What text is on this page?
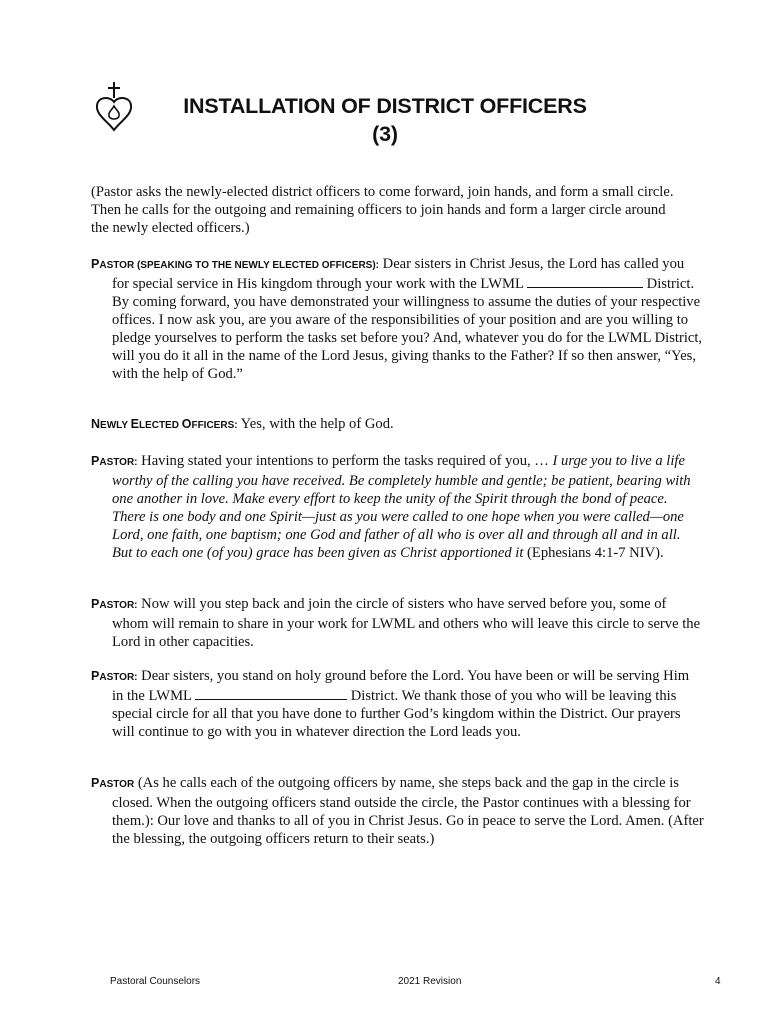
INSTALLATION OF DISTRICT OFFICERS
(3)
(Pastor asks the newly-elected district officers to come forward, join hands, and form a small circle. Then he calls for the outgoing and remaining officers to join hands and form a larger circle around the newly elected officers.)
PASTOR (SPEAKING TO THE NEWLY ELECTED OFFICERS): Dear sisters in Christ Jesus, the Lord has called you for special service in His kingdom through your work with the LWML	District. By coming forward, you have demonstrated your willingness to assume the duties of your respective offices. I now ask you, are you aware of the responsibilities of your position and are you willing to pledge yourselves to perform the tasks set before you? And, whatever you do for the LWML District, will you do it all in the name of the Lord Jesus, giving thanks to the Father? If so then answer, “Yes, with the help of God.”
NEWLY ELECTED OFFICERS: Yes, with the help of God.
PASTOR: Having stated your intentions to perform the tasks required of you, … I urge you to live a life worthy of the calling you have received. Be completely humble and gentle; be patient, bearing with one another in love. Make every effort to keep the unity of the Spirit through the bond of peace. There is one body and one Spirit—just as you were called to one hope when you were called—one Lord, one faith, one baptism; one God and father of all who is over all and through all and in all. But to each one (of you) grace has been given as Christ apportioned it (Ephesians 4:1-7 NIV).
PASTOR: Now will you step back and join the circle of sisters who have served before you, some of whom will remain to share in your work for LWML and others who will leave this circle to serve the Lord in other capacities.
PASTOR: Dear sisters, you stand on holy ground before the Lord. You have been or will be serving Him in the LWML	District. We thank those of you who will be leaving this special circle for all that you have done to further God’s kingdom within the District. Our prayers will continue to go with you in whatever direction the Lord leads you.
PASTOR (As he calls each of the outgoing officers by name, she steps back and the gap in the circle is closed. When the outgoing officers stand outside the circle, the Pastor continues with a blessing for them.): Our love and thanks to all of you in Christ Jesus. Go in peace to serve the Lord. Amen. (After the blessing, the outgoing officers return to their seats.)
Pastoral Counselors	2021 Revision	4
